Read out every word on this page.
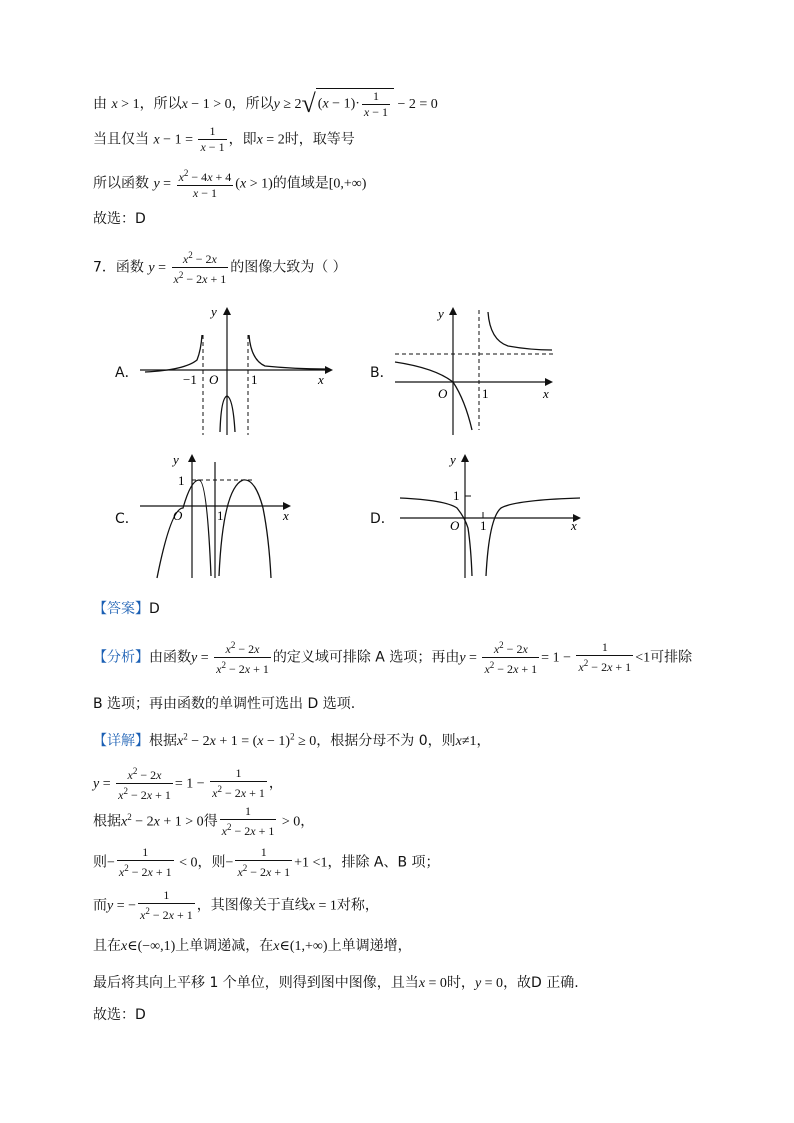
由 x > 1，所以x − 1 > 0，所以y ≥ 2√ $(x - 1)\cdot \frac{1}{x - 1} - 2 = 0$
当且仅当 $x - 1 = \frac{1}{x - 1}$ ，即x = 2时，取等号
所以函数 $y = \frac{x^2 - 4x + 4}{x - 1} (x > 1)$的值域是[0,+∞)
故选：D
7．函数 $y = \frac{x^2 - 2x}{x^2 - 2x + 1}$ 的图像大致为（ ）
A．	B．
C．	D．
−1 O	1	x
y
O	1	x
y
O
1
1	x
y
O
1
1	x
y
【答案】D
【分析】由函数$y = \frac{x^2 - 2x}{x^2 - 2x + 1}$ 的定义域可排除 A 选项；再由$y = \frac{x^2 - 2x}{x^2 - 2x + 1} = 1 - \frac{1}{x^2 - 2x + 1} <1$可排除
B 选项；再由函数的单调性可选出 D 选项.
【详解】根据$x^2 - 2x + 1 = (x - 1)^2 \ge 0$，根据分母不为 0，则x≠1，
$y = \frac{x^2 - 2x}{x^2 - 2x + 1} = 1 - \frac{1}{x^2 - 2x + 1}$ ，
根据$x^2 - 2x + 1 > 0$得 $\frac{1}{x^2 - 2x + 1} > 0$，
则− $\frac{1}{x^2 - 2x + 1} < 0$，则− $\frac{1}{x^2 - 2x + 1} +1 <1$，排除 A、B 项；
而y = − $\frac{1}{x^2 - 2x + 1}$ ，其图像关于直线x = 1对称，
且在x∈(−∞,1)上单调递减，在x∈(1,+∞)上单调递增，
最后将其向上平移 1 个单位，则得到图中图像，且当x = 0时，y = 0，故D 正确.
故选：D
